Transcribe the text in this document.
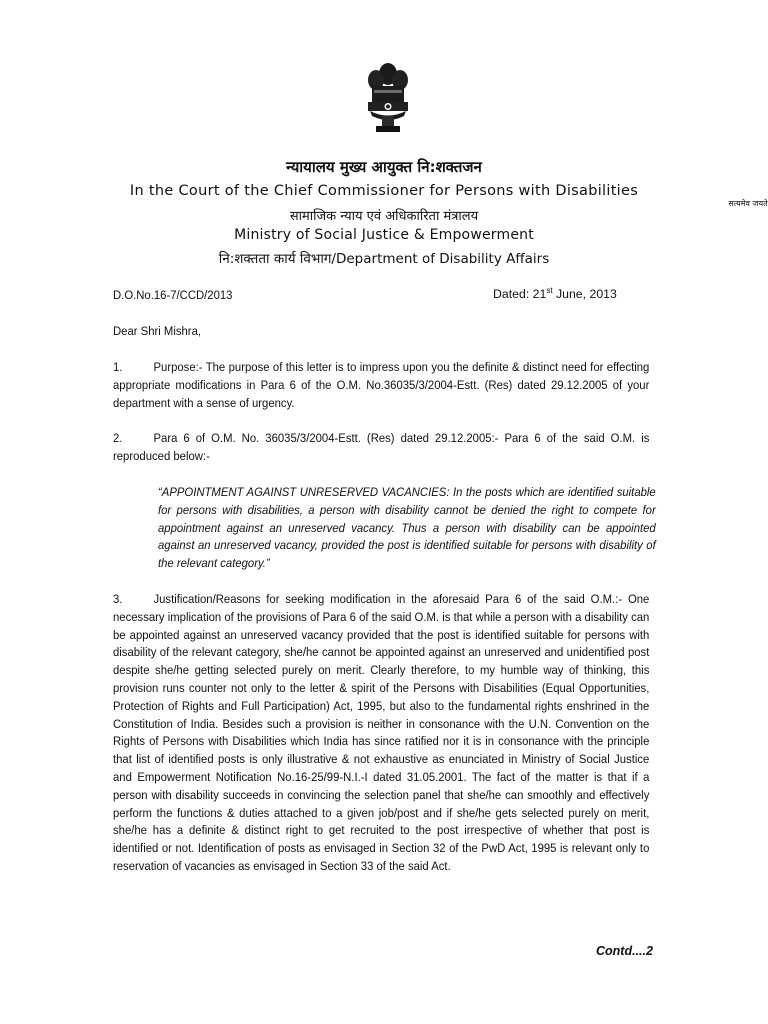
सत्यमेव जयते
न्यायालय मुख्य आयुक्त नि:शक्तजन
In the Court of the Chief Commissioner for Persons with Disabilities
सामाजिक न्याय एवं अधिकारिता मंत्रालय
Ministry of Social Justice & Empowerment
नि:शक्तता कार्य विभाग/Department of Disability Affairs
D.O.No.16-7/CCD/2013	Dated: 21st June, 2013
Dear Shri Mishra,

1.	Purpose:- The purpose of this letter is to impress upon you the definite & distinct need for effecting appropriate modifications in Para 6 of the O.M. No.36035/3/2004-Estt. (Res) dated 29.12.2005 of your department with a sense of urgency.

2.	Para 6 of O.M. No. 36035/3/2004-Estt. (Res) dated 29.12.2005:- Para 6 of the said O.M. is reproduced below:-

“APPOINTMENT AGAINST UNRESERVED VACANCIES: In the posts which are identified suitable for persons with disabilities, a person with disability cannot be denied the right to compete for appointment against an unreserved vacancy. Thus a person with disability can be appointed against an unreserved vacancy, provided the post is identified suitable for persons with disability of the relevant category.”

3.	Justification/Reasons for seeking modification in the aforesaid Para 6 of the said O.M.:- One necessary implication of the provisions of Para 6 of the said O.M. is that while a person with a disability can be appointed against an unreserved vacancy provided that the post is identified suitable for persons with disability of the relevant category, she/he cannot be appointed against an unreserved and unidentified post despite she/he getting selected purely on merit. Clearly therefore, to my humble way of thinking, this provision runs counter not only to the letter & spirit of the Persons with Disabilities (Equal Opportunities, Protection of Rights and Full Participation) Act, 1995, but also to the fundamental rights enshrined in the Constitution of India. Besides such a provision is neither in consonance with the U.N. Convention on the Rights of Persons with Disabilities which India has since ratified nor it is in consonance with the principle that list of identified posts is only illustrative & not exhaustive as enunciated in Ministry of Social Justice and Empowerment Notification No.16-25/99-N.I.-I dated 31.05.2001. The fact of the matter is that if a person with disability succeeds in convincing the selection panel that she/he can smoothly and effectively perform the functions & duties attached to a given job/post and if she/he gets selected purely on merit, she/he has a definite & distinct right to get recruited to the post irrespective of whether that post is identified or not. Identification of posts as envisaged in Section 32 of the PwD Act, 1995 is relevant only to reservation of vacancies as envisaged in Section 33 of the said Act.

Contd....2
